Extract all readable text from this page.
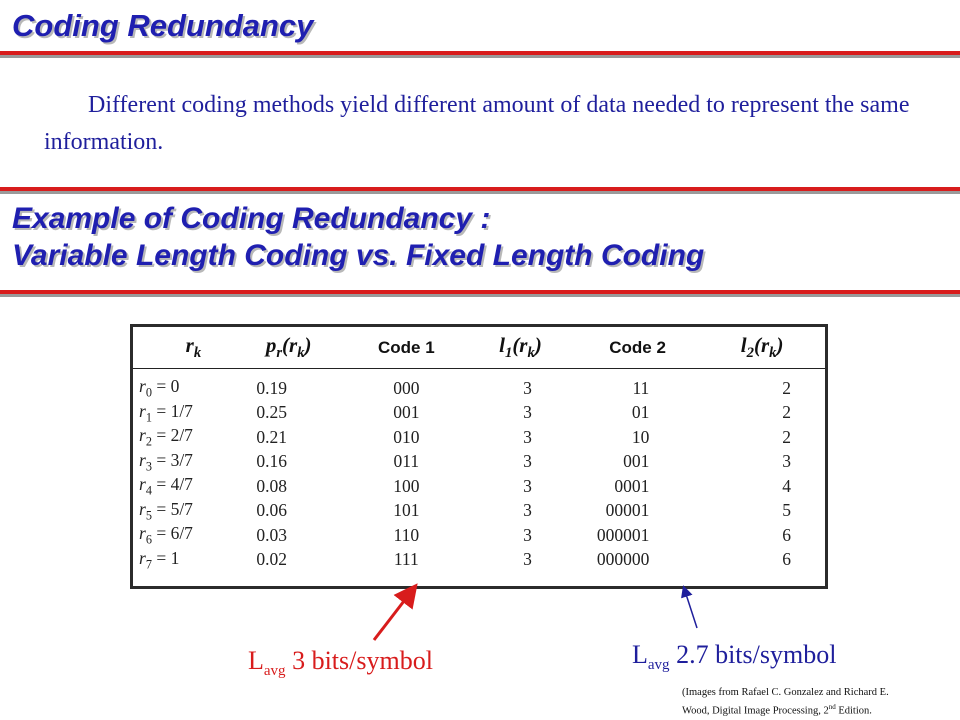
Coding Redundancy

Different coding methods yield different amount of data needed to represent the same information.

Example of Coding Redundancy :
Variable Length Coding vs. Fixed Length Coding
$r_k$	$p_r(r_k)$	Code 1	$l_1(r_k)$	Code 2	$l_2(r_k)$
$r_0 = 0$	0.19	000	3	11	2
$r_1 = 1/7$	0.25	001	3	01	2
$r_2 = 2/7$	0.21	010	3	10	2
$r_3 = 3/7$	0.16	011	3	001	3
$r_4 = 4/7$	0.08	100	3	0001	4
$r_5 = 5/7$	0.06	101	3	00001	5
$r_6 = 6/7$	0.03	110	3	000001	6
$r_7 = 1$	0.02	111	3	000000	6

$L_{avg}$ 3 bits/symbol	$L_{avg}$ 2.7 bits/symbol

(Images from Rafael C. Gonzalez and Richard E.
Wood, Digital Image Processing, 2nd Edition.
